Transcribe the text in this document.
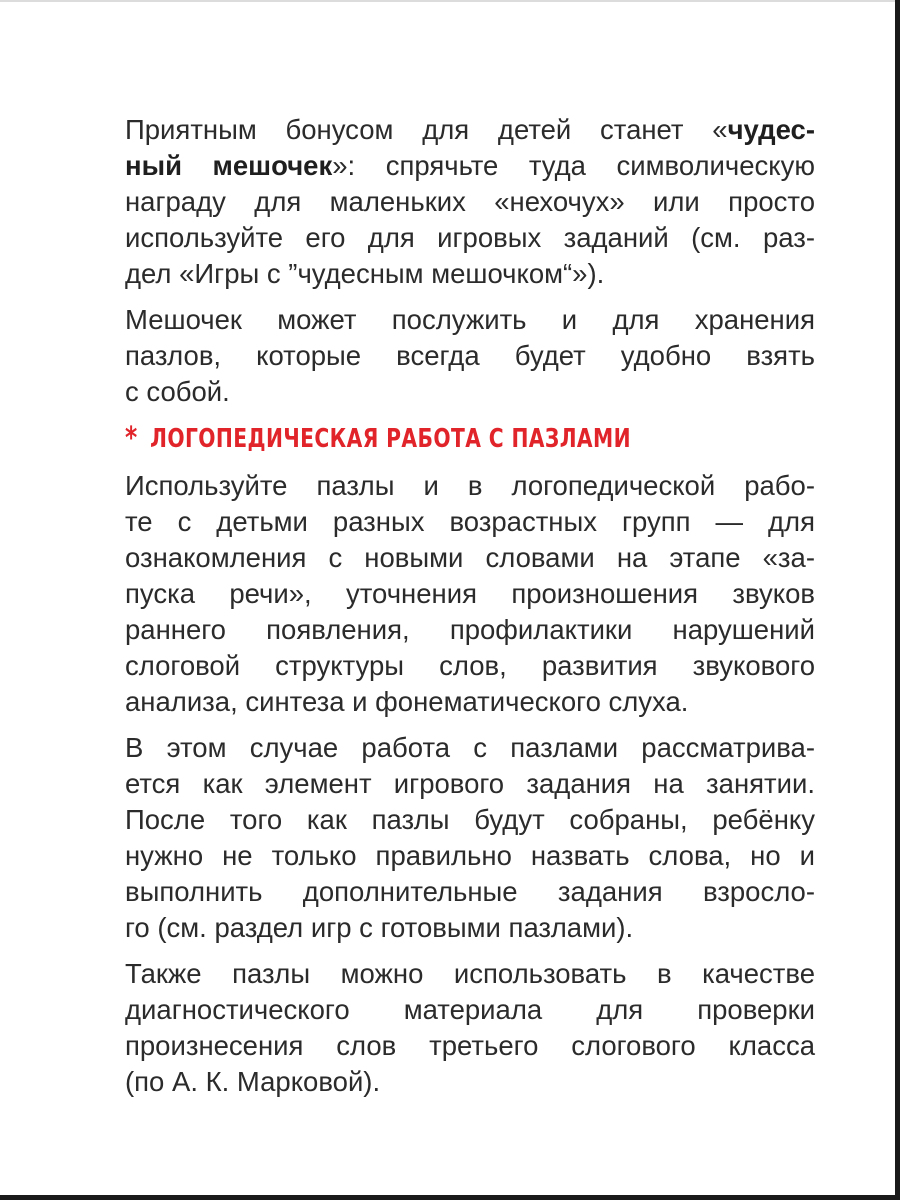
Приятным бонусом для детей станет «чудес-
ный мешочек»: спрячьте туда символическую
награду для маленьких «нехочух» или просто
используйте его для игровых заданий (см. раз-
дел «Игры с ”чудесным мешочком“»).
Мешочек может послужить и для хранения
пазлов, которые всегда будет удобно взять
с собой.
* ЛОГОПЕДИЧЕСКАЯ РАБОТА С ПАЗЛАМИ
Используйте пазлы и в логопедической рабо-
те с детьми разных возрастных групп — для
ознакомления с новыми словами на этапе «за-
пуска речи», уточнения произношения звуков
раннего появления, профилактики нарушений
слоговой структуры слов, развития звукового
анализа, синтеза и фонематического слуха.
В этом случае работа с пазлами рассматрива-
ется как элемент игрового задания на занятии.
После того как пазлы будут собраны, ребёнку
нужно не только правильно назвать слова, но и
выполнить дополнительные задания взросло-
го (см. раздел игр с готовыми пазлами).
Также пазлы можно использовать в качестве
диагностического материала для проверки
произнесения слов третьего слогового класса
(по А. К. Марковой).
